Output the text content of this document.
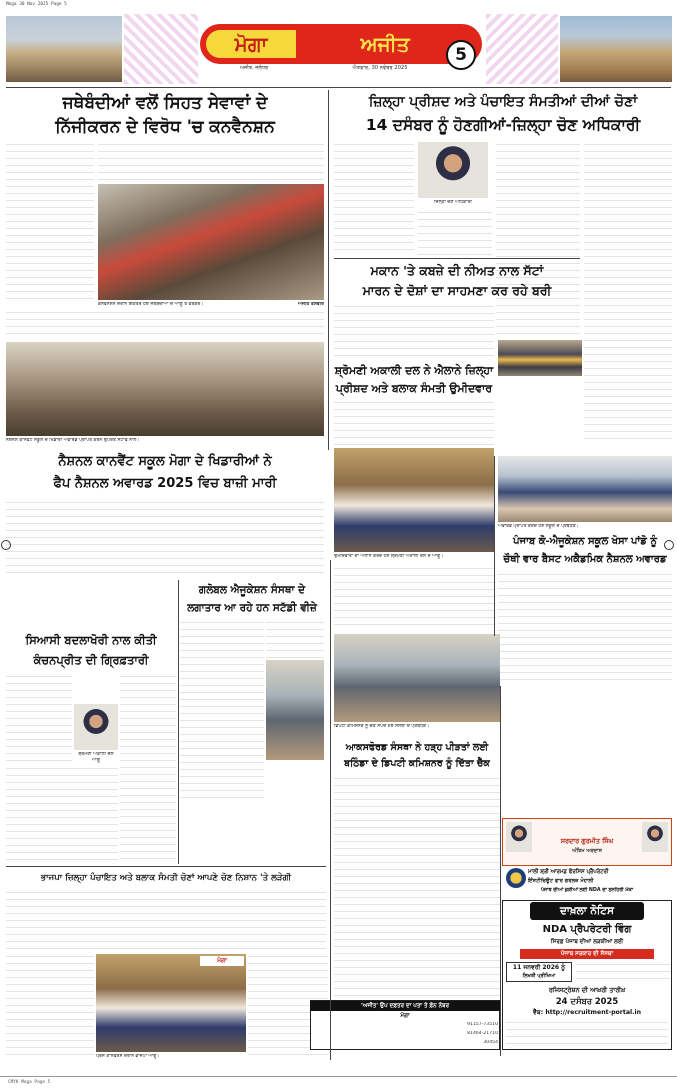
Moga 30 Nov 2025 Page 5
ਮੋਗਾ	ਅਜੀਤ	5
ਅਜੀਤ, ਜਲੰਧਰ	ਐਤਵਾਰ, 30 ਨਵੰਬਰ 2025
ਜਥੇਬੰਦੀਆਂ ਵਲੋਂ ਸਿਹਤ ਸੇਵਾਵਾਂ ਦੇ
ਨਿੱਜੀਕਰਨ ਦੇ ਵਿਰੋਧ 'ਚ ਕਨਵੈਨਸ਼ਨ
ਕਨਵੈਨਸ਼ਨ ਦੌਰਾਨ ਇਕੱਤਰ ਹੋਏ ਜਥੇਬੰਦੀਆਂ ਦੇ ਆਗੂ ਤੇ ਵਰਕਰ।	ਅਜੀਤ ਤਸਵੀਰ
ਜ਼ਿਲ੍ਹਾ ਪ੍ਰੀਸ਼ਦ ਅਤੇ ਪੰਚਾਇਤ ਸੰਮਤੀਆਂ ਦੀਆਂ ਚੋਣਾਂ
14 ਦਸੰਬਰ ਨੂੰ ਹੋਣਗੀਆਂ-ਜ਼ਿਲ੍ਹਾ ਚੋਣ ਅਧਿਕਾਰੀ
ਜ਼ਿਲ੍ਹਾ ਚੋਣ ਅਧਿਕਾਰੀ
ਮਕਾਨ 'ਤੇ ਕਬਜ਼ੇ ਦੀ ਨੀਅਤ ਨਾਲ ਸੱਟਾਂ
ਮਾਰਨ ਦੇ ਦੋਸ਼ਾਂ ਦਾ ਸਾਹਮਣਾ ਕਰ ਰਹੇ ਬਰੀ
ਨੈਸ਼ਨਲ ਕਾਨਵੈਂਟ ਸਕੂਲ ਦੇ ਖਿਡਾਰੀ ਅਵਾਰਡ ਪ੍ਰਾਪਤ ਕਰਨ ਉਪਰੰਤ ਸਟਾਫ ਨਾਲ।
ਨੈਸ਼ਨਲ ਕਾਨਵੈਂਟ ਸਕੂਲ ਮੋਗਾ ਦੇ ਖਿਡਾਰੀਆਂ ਨੇ
ਫੈਪ ਨੈਸ਼ਨਲ ਅਵਾਰਡ 2025 ਵਿਚ ਬਾਜ਼ੀ ਮਾਰੀ
ਸ਼੍ਰੋਮਣੀ ਅਕਾਲੀ ਦਲ ਨੇ ਐਲਾਨੇ ਜ਼ਿਲ੍ਹਾ
ਪ੍ਰੀਸ਼ਦ ਅਤੇ ਬਲਾਕ ਸੰਮਤੀ ਉਮੀਦਵਾਰ
ਉਮੀਦਵਾਰਾਂ ਦਾ ਐਲਾਨ ਕਰਦੇ ਹੋਏ ਸ਼੍ਰੋਮਣੀ ਅਕਾਲੀ ਦਲ ਦੇ ਆਗੂ।
ਅਵਾਰਡ ਪ੍ਰਾਪਤ ਕਰਦੇ ਹੋਏ ਸਕੂਲ ਦੇ ਪ੍ਰਬੰਧਕ।
ਪੰਜਾਬ ਕੋ-ਐਜੂਕੇਸ਼ਨ ਸਕੂਲ ਖੋਸਾ ਪਾਂਡੋ ਨੂੰ
ਚੌਥੀ ਵਾਰ ਬੈਸਟ ਅਕੈਡਮਿਕ ਨੈਸ਼ਨਲ ਅਵਾਰਡ
ਗਲੋਬਲ ਐਜੂਕੇਸ਼ਨ ਸੰਸਥਾ ਦੇ
ਲਗਾਤਾਰ ਆ ਰਹੇ ਹਨ ਸਟੱਡੀ ਵੀਜ਼ੇ
ਸਿਆਸੀ ਬਦਲਾਖੋਰੀ ਨਾਲ ਕੀਤੀ
ਕੰਚਨਪ੍ਰੀਤ ਦੀ ਗ੍ਰਿਫ਼ਤਾਰੀ
ਸ਼੍ਰੋਮਣੀ ਅਕਾਲੀ ਦਲ ਆਗੂ
ਡਿਪਟੀ ਕਮਿਸ਼ਨਰ ਨੂੰ ਚੈੱਕ ਸੌਂਪਦੇ ਹੋਏ ਸੰਸਥਾ ਦੇ ਪ੍ਰਬੰਧਕ।
ਆਕਸਫੋਰਡ ਸੰਸਥਾ ਨੇ ਹੜ੍ਹ ਪੀੜਤਾਂ ਲਈ
ਬਠਿੰਡਾ ਦੇ ਡਿਪਟੀ ਕਮਿਸ਼ਨਰ ਨੂੰ ਦਿੱਤਾ ਚੈੱਕ
ਭਾਜਪਾ ਜ਼ਿਲ੍ਹਾ ਪੰਚਾਇਤ ਅਤੇ ਬਲਾਕ ਸੰਮਤੀ ਚੋਣਾਂ ਆਪਣੇ ਚੋਣ ਨਿਸ਼ਾਨ 'ਤੇ ਲੜੇਗੀ
ਮੋਗਾ
ਪ੍ਰੈੱਸ ਕਾਨਫਰੰਸ ਦੌਰਾਨ ਭਾਜਪਾ ਆਗੂ।
ਸਰਦਾਰ ਗੁਰਮੀਤ ਸਿੰਘ
ਅੰਤਿਮ ਅਰਦਾਸ
ਮਾਲੀ ਸ਼੍ਰੀ ਆਰਮਡ ਫੋਰਸਿਸ ਪ੍ਰੈਪਰੇਟਰੀ
ਇੰਸਟੀਚਿਊਟ ਫਾਰ ਗਰਲਜ਼ ਮੋਹਾਲੀ
ਪੰਜਾਬ ਦੀਆਂ ਕੁੜੀਆਂ ਲਈ NDA ਦਾ ਸੁਨਹਿਰੀ ਮੌਕਾ
ਦਾਖ਼ਲਾ ਨੋਟਿਸ
NDA ਪ੍ਰੈਪਰੇਟਰੀ ਵਿੰਗ
ਸਿਰਫ਼ ਪੰਜਾਬ ਦੀਆਂ ਲੜਕੀਆਂ ਲਈ
ਪੰਜਾਬ ਸਰਕਾਰ ਦੀ ਸੰਸਥਾ
11 ਜਨਵਰੀ 2026 ਨੂੰ
ਲਿਖਤੀ ਪ੍ਰੀਖਿਆ
ਰਜਿਸਟ੍ਰੇਸ਼ਨ ਦੀ ਆਖ਼ਰੀ ਤਾਰੀਖ਼
24 ਦਸੰਬਰ 2025
ਵੈੱਬ: http://recruitment-portal.in
'ਅਜੀਤ' ਉਪ ਦਫ਼ਤਰ ਦਾ ਪਤਾ ਤੇ ਫ਼ੋਨ ਨੰਬਰ
ਮੋਗਾ
91157-73510
81464-21710
30454
CMYK Moga Page 5
